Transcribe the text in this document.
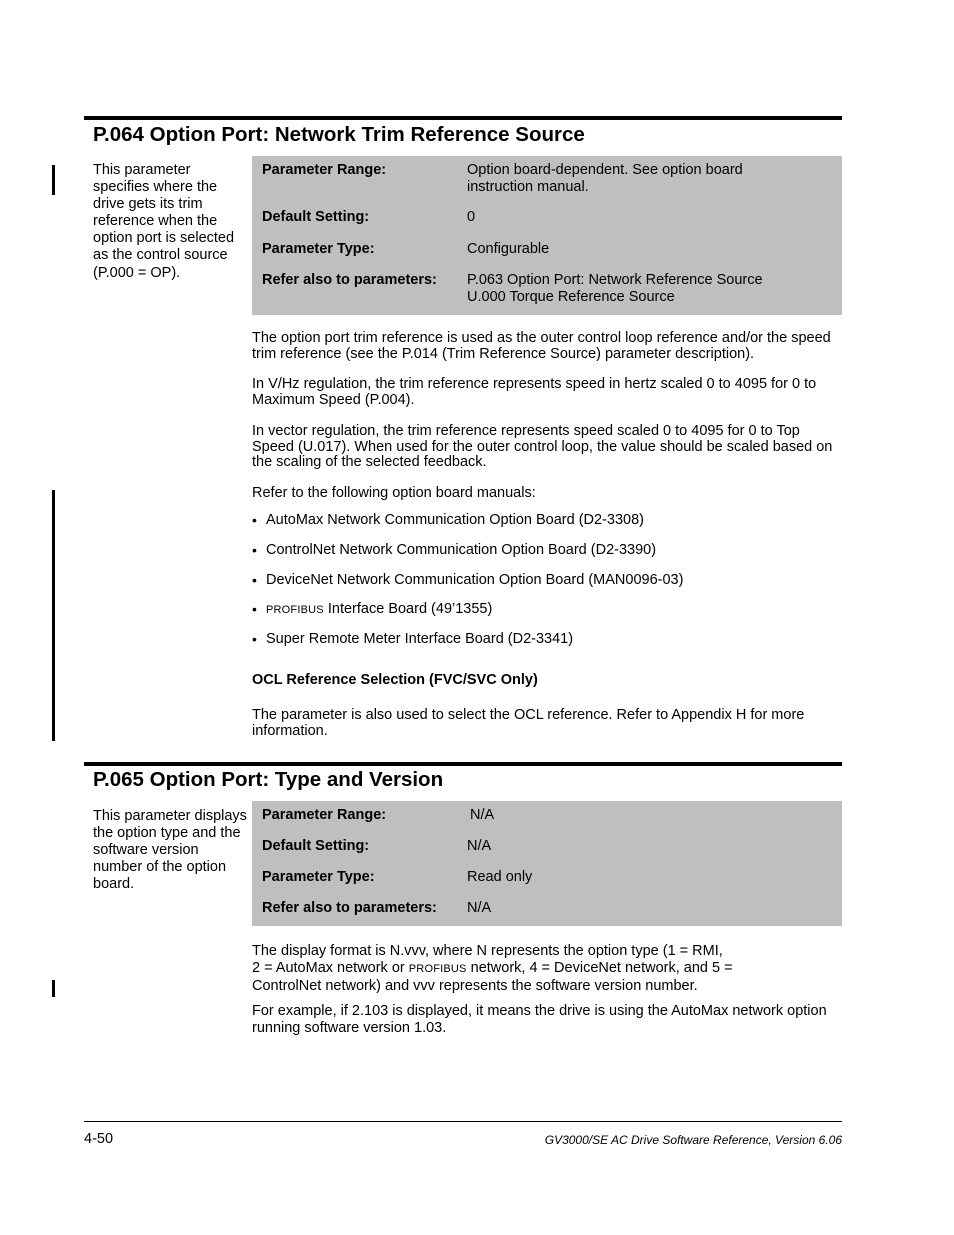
P.064 Option Port: Network Trim Reference Source

This parameter specifies where the drive gets its trim reference when the option port is selected as the control source (P.000 = OP).

Parameter Range:	Option board-dependent. See option board
instruction manual.
Default Setting:	0
Parameter Type:	Configurable
Refer also to parameters: P.063 Option Port: Network Reference Source
U.000 Torque Reference Source

The option port trim reference is used as the outer control loop reference and/or the speed trim reference (see the P.014 (Trim Reference Source) parameter description).

In V/Hz regulation, the trim reference represents speed in hertz scaled 0 to 4095 for 0 to Maximum Speed (P.004).

In vector regulation, the trim reference represents speed scaled 0 to 4095 for 0 to Top Speed (U.017). When used for the outer control loop, the value should be scaled based on the scaling of the selected feedback.

Refer to the following option board manuals:

• AutoMax Network Communication Option Board (D2-3308)
• ControlNet Network Communication Option Board (D2-3390)
• DeviceNet Network Communication Option Board (MAN0096-03)
• PROFIBUS Interface Board (49’1355)
• Super Remote Meter Interface Board (D2-3341)
OCL Reference Selection (FVC/SVC Only)

The parameter is also used to select the OCL reference. Refer to Appendix H for more information.

P.065 Option Port: Type and Version

This parameter displays the option type and the software version number of the option board.

Parameter Range:	N/A
Default Setting:	N/A
Parameter Type:	Read only
Refer also to parameters: N/A

The display format is N.vvv, where N represents the option type (1 = RMI,
2 = AutoMax network or PROFIBUS network, 4 = DeviceNet network, and 5 =
ControlNet network) and vvv represents the software version number.

For example, if 2.103 is displayed, it means the drive is using the AutoMax network option running software version 1.03.

4-50	GV3000/SE AC Drive Software Reference, Version 6.06
